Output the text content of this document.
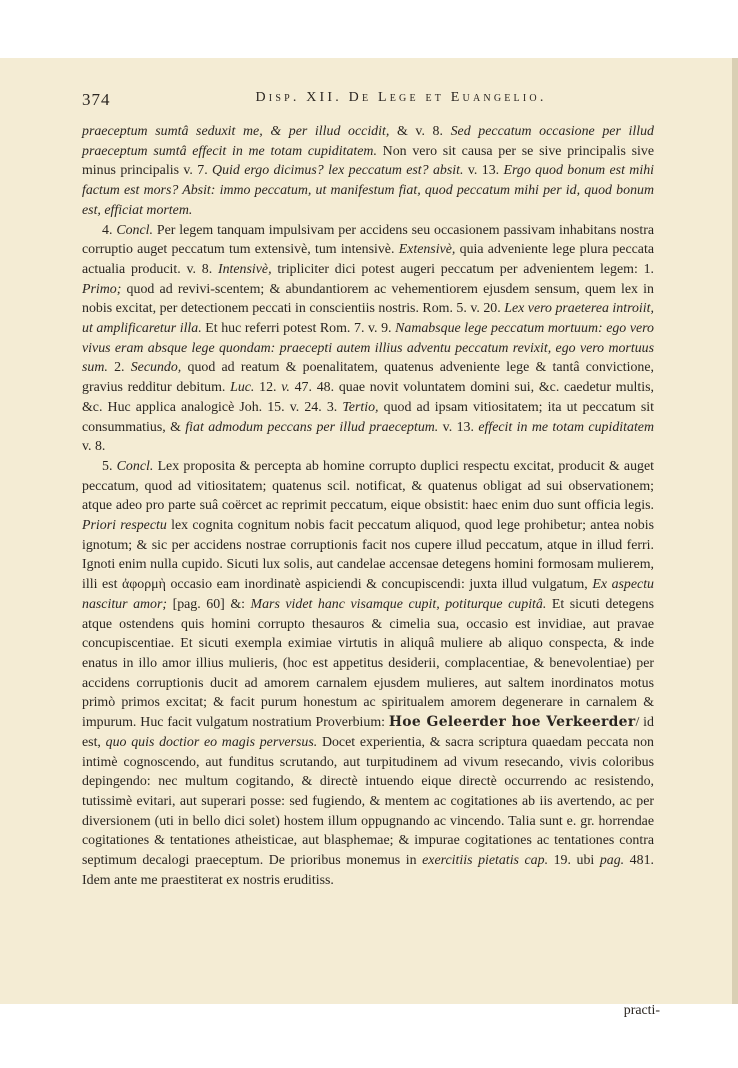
374	Disp. XII. De Lege et Euangelio.

praeceptum sumtâ seduxit me, & per illud occidit, & v. 8. Sed peccatum occasione per illud praeceptum sumtâ effecit in me totam cupiditatem. Non vero sit causa per se sive principalis sive minus principalis v. 7. Quid ergo dicimus? lex peccatum est? absit. v. 13. Ergo quod bonum est mihi factum est mors? Absit: immo peccatum, ut manifestum fiat, quod peccatum mihi per id, quod bonum est, efficiat mortem.

4. Concl. Per legem tanquam impulsivam per accidens seu occasionem passivam inhabitans nostra corruptio auget peccatum tum extensivè, tum intensivè. Extensivè, quia adveniente lege plura peccata actualia producit. v. 8. Intensivè, tripliciter dici potest augeri peccatum per advenientem legem: 1. Primo; quod ad revivi-scentem; & abundantiorem ac vehementiorem ejusdem sensum, quem lex in nobis excitat, per detectionem peccati in conscientiis nostris. Rom. 5. v. 20. Lex vero praeterea introiit, ut amplificaretur illa. Et huc referri potest Rom. 7. v. 9. Namabsque lege peccatum mortuum: ego vero vivus eram absque lege quondam: praecepti autem illius adventu peccatum revixit, ego vero mortuus sum. 2. Secundo, quod ad reatum & poenalitatem, quatenus adveniente lege & tantâ convictione, gravius redditur debitum. Luc. 12. v. 47. 48. quae novit voluntatem domini sui, &c. caedetur multis, &c. Huc applica analogicè Joh. 15. v. 24. 3. Tertio, quod ad ipsam vitiositatem; ita ut peccatum sit consummatius, & fiat admodum peccans per illud praeceptum. v. 13. effecit in me totam cupiditatem v. 8.

5. Concl. Lex proposita & percepta ab homine corrupto duplici respectu excitat, producit & auget peccatum, quod ad vitiositatem; quatenus scil. notificat, & quatenus obligat ad sui observationem; atque adeo pro parte suâ coërcet ac reprimit peccatum, eique obsistit: haec enim duo sunt officia legis. Priori respectu lex cognita cognitum nobis facit peccatum aliquod, quod lege prohibetur; antea nobis ignotum; & sic per accidens nostrae corruptionis facit nos cupere illud peccatum, atque in illud ferri. Ignoti enim nulla cupido. Sicuti lux solis, aut candelae accensae detegens homini formosam mulierem, illi est ἀφορμὴ occasio eam inordinatè aspiciendi & concupiscendi: juxta illud vulgatum, Ex aspectu nascitur amor; [pag. 60] &: Mars videt hanc visamque cupit, potiturque cupitâ. Et sicuti detegens atque ostendens quis homini corrupto thesauros & cimelia sua, occasio est invidiae, aut pravae concupiscentiae. Et sicuti exempla eximiae virtutis in aliquâ muliere ab aliquo conspecta, & inde enatus in illo amor illius mulieris, (hoc est appetitus desiderii, complacentiae, & benevolentiae) per accidens corruptionis ducit ad amorem carnalem ejusdem mulieres, aut saltem inordinatos motus primò primos excitat; & facit purum honestum ac spiritualem amorem degenerare in carnalem & impurum. Huc facit vulgatum nostratium Proverbium: Hoe Geleerder hoe Verkeerder/ id est, quo quis doctior eo magis perversus. Docet experientia, & sacra scriptura quaedam peccata non intimè cognoscendo, aut funditus scrutando, aut turpitudinem ad vivum resecando, vivis coloribus depingendo: nec multum cogitando, & directè intuendo eique directè occurrendo ac resistendo, tutissimè evitari, aut superari posse: sed fugiendo, & mentem ac cogitationes ab iis avertendo, ac per diversionem (uti in bello dici solet) hostem illum oppugnando ac vincendo. Talia sunt e. gr. horrendae cogitationes & tentationes atheisticae, aut blasphemae; & impurae cogitationes ac tentationes contra septimum decalogi praeceptum. De prioribus monemus in exercitiis pietatis cap. 19. ubi pag. 481. Idem ante me praestiterat ex nostris eruditiss.

practi-
